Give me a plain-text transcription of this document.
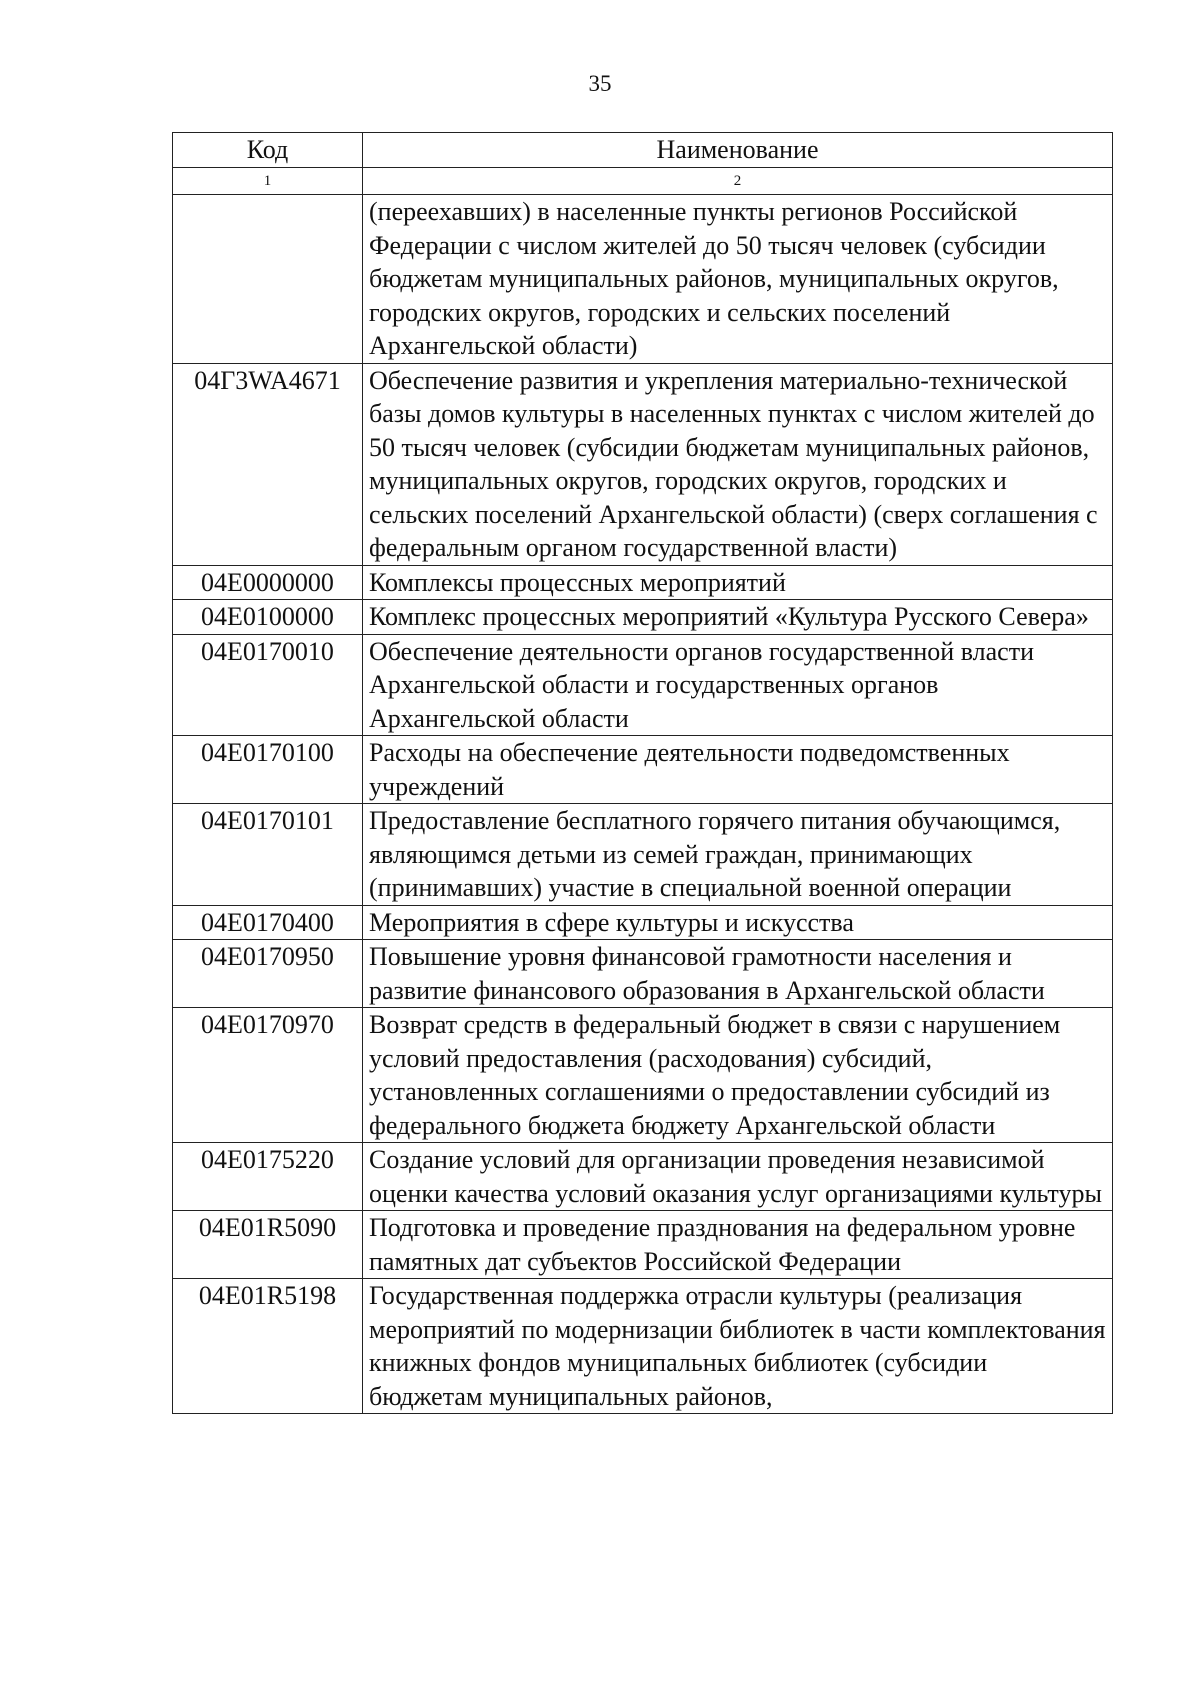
35
Код	Наименование
1	2
	(переехавших) в населенные пункты регионов Российской Федерации с числом жителей до 50 тысяч человек (субсидии бюджетам муниципальных районов, муниципальных округов, городских округов, городских и сельских поселений Архангельской области)
04Г3WA4671	Обеспечение развития и укрепления материально-технической базы домов культуры в населенных пунктах с числом жителей до 50 тысяч человек (субсидии бюджетам муниципальных районов, муниципальных округов, городских округов, городских и сельских поселений Архангельской области) (сверх соглашения с федеральным органом государственной власти)
04Е0000000	Комплексы процессных мероприятий
04Е0100000	Комплекс процессных мероприятий «Культура Русского Севера»
04Е0170010	Обеспечение деятельности органов государственной власти Архангельской области и государственных органов Архангельской области
04Е0170100	Расходы на обеспечение деятельности подведомственных учреждений
04Е0170101	Предоставление бесплатного горячего питания обучающимся, являющимся детьми из семей граждан, принимающих (принимавших) участие в специальной военной операции
04Е0170400	Мероприятия в сфере культуры и искусства
04Е0170950	Повышение уровня финансовой грамотности населения и развитие финансового образования в Архангельской области
04Е0170970	Возврат средств в федеральный бюджет в связи с нарушением условий предоставления (расходования) субсидий, установленных соглашениями о предоставлении субсидий из федерального бюджета бюджету Архангельской области
04Е0175220	Создание условий для организации проведения независимой оценки качества условий оказания услуг организациями культуры
04Е01R5090	Подготовка и проведение празднования на федеральном уровне памятных дат субъектов Российской Федерации
04Е01R5198	Государственная поддержка отрасли культуры (реализация мероприятий по модернизации библиотек в части комплектования книжных фондов муниципальных библиотек (субсидии бюджетам муниципальных районов,
